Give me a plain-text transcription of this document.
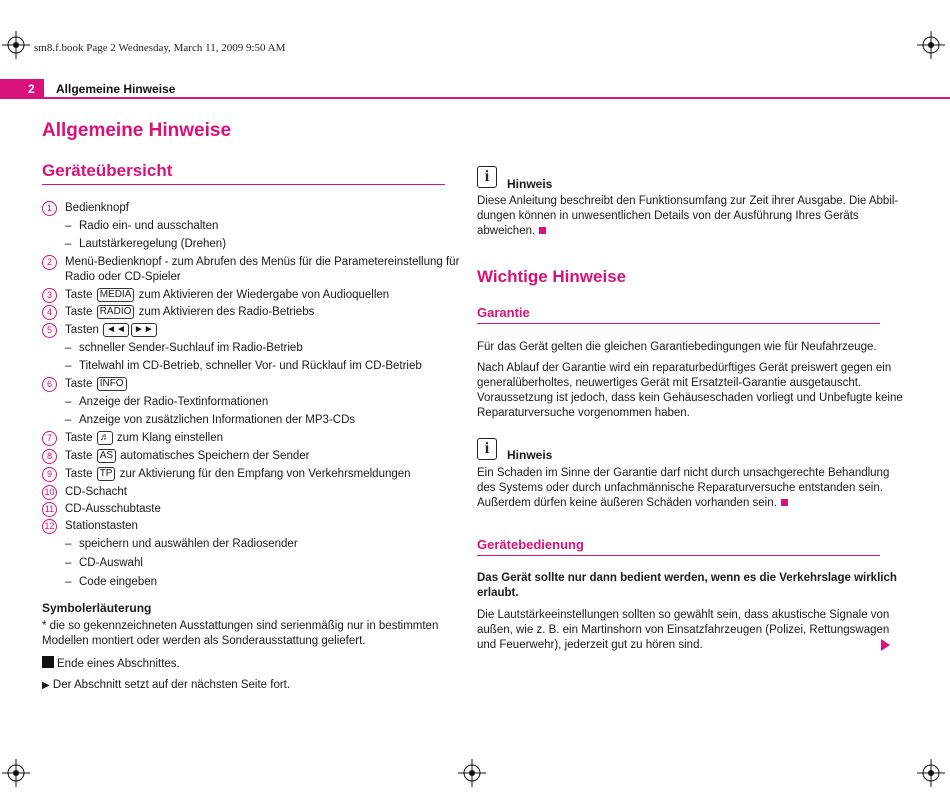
sm8.f.book Page 2 Wednesday, March 11, 2009 9:50 AM
2	Allgemeine Hinweise
Allgemeine Hinweise
Geräteübersicht
1	Bedienknopf
– Radio ein- und ausschalten
– Lautstärkeregelung (Drehen)
2	Menü-Bedienknopf - zum Abrufen des Menüs für die Parametereinstellung für
Radio oder CD-Spieler
3	Taste MEDIA zum Aktivieren der Wiedergabe von Audioquellen
4	Taste RADIO zum Aktivieren des Radio-Betriebs
5	Tasten ◄◄ ►►
– schneller Sender-Suchlauf im Radio-Betrieb
– Titelwahl im CD-Betrieb, schneller Vor- und Rücklauf im CD-Betrieb
6	Taste INFO
– Anzeige der Radio-Textinformationen
– Anzeige von zusätzlichen Informationen der MP3-CDs
7	Taste ♬ zum Klang einstellen
8	Taste AS automatisches Speichern der Sender
9	Taste TP zur Aktivierung für den Empfang von Verkehrsmeldungen
10 CD-Schacht
11 CD-Ausschubtaste
12 Stationstasten
– speichern und auswählen der Radiosender
– CD-Auswahl
– Code eingeben
Symbolerläuterung
* die so gekennzeichneten Ausstattungen sind serienmäßig nur in bestimmten
Modellen montiert oder werden als Sonderausstattung geliefert.
Ende eines Abschnittes.
▶ Der Abschnitt setzt auf der nächsten Seite fort.
i	Hinweis
Diese Anleitung beschreibt den Funktionsumfang zur Zeit ihrer Ausgabe. Die Abbil-
dungen können in unwesentlichen Details von der Ausführung Ihres Geräts
abweichen.
Wichtige Hinweise
Garantie
Für das Gerät gelten die gleichen Garantiebedingungen wie für Neufahrzeuge.
Nach Ablauf der Garantie wird ein reparaturbedürftiges Gerät preiswert gegen ein
generalüberholtes, neuwertiges Gerät mit Ersatzteil-Garantie ausgetauscht.
Voraussetzung ist jedoch, dass kein Gehäuseschaden vorliegt und Unbefugte keine
Reparaturversuche vorgenommen haben.
i	Hinweis
Ein Schaden im Sinne der Garantie darf nicht durch unsachgerechte Behandlung
des Systems oder durch unfachmännische Reparaturversuche entstanden sein.
Außerdem dürfen keine äußeren Schäden vorhanden sein.
Gerätebedienung
Das Gerät sollte nur dann bedient werden, wenn es die Verkehrslage wirklich
erlaubt.
Die Lautstärkeeinstellungen sollten so gewählt sein, dass akustische Signale von
außen, wie z. B. ein Martinshorn von Einsatzfahrzeugen (Polizei, Rettungswagen
und Feuerwehr), jederzeit gut zu hören sind.
